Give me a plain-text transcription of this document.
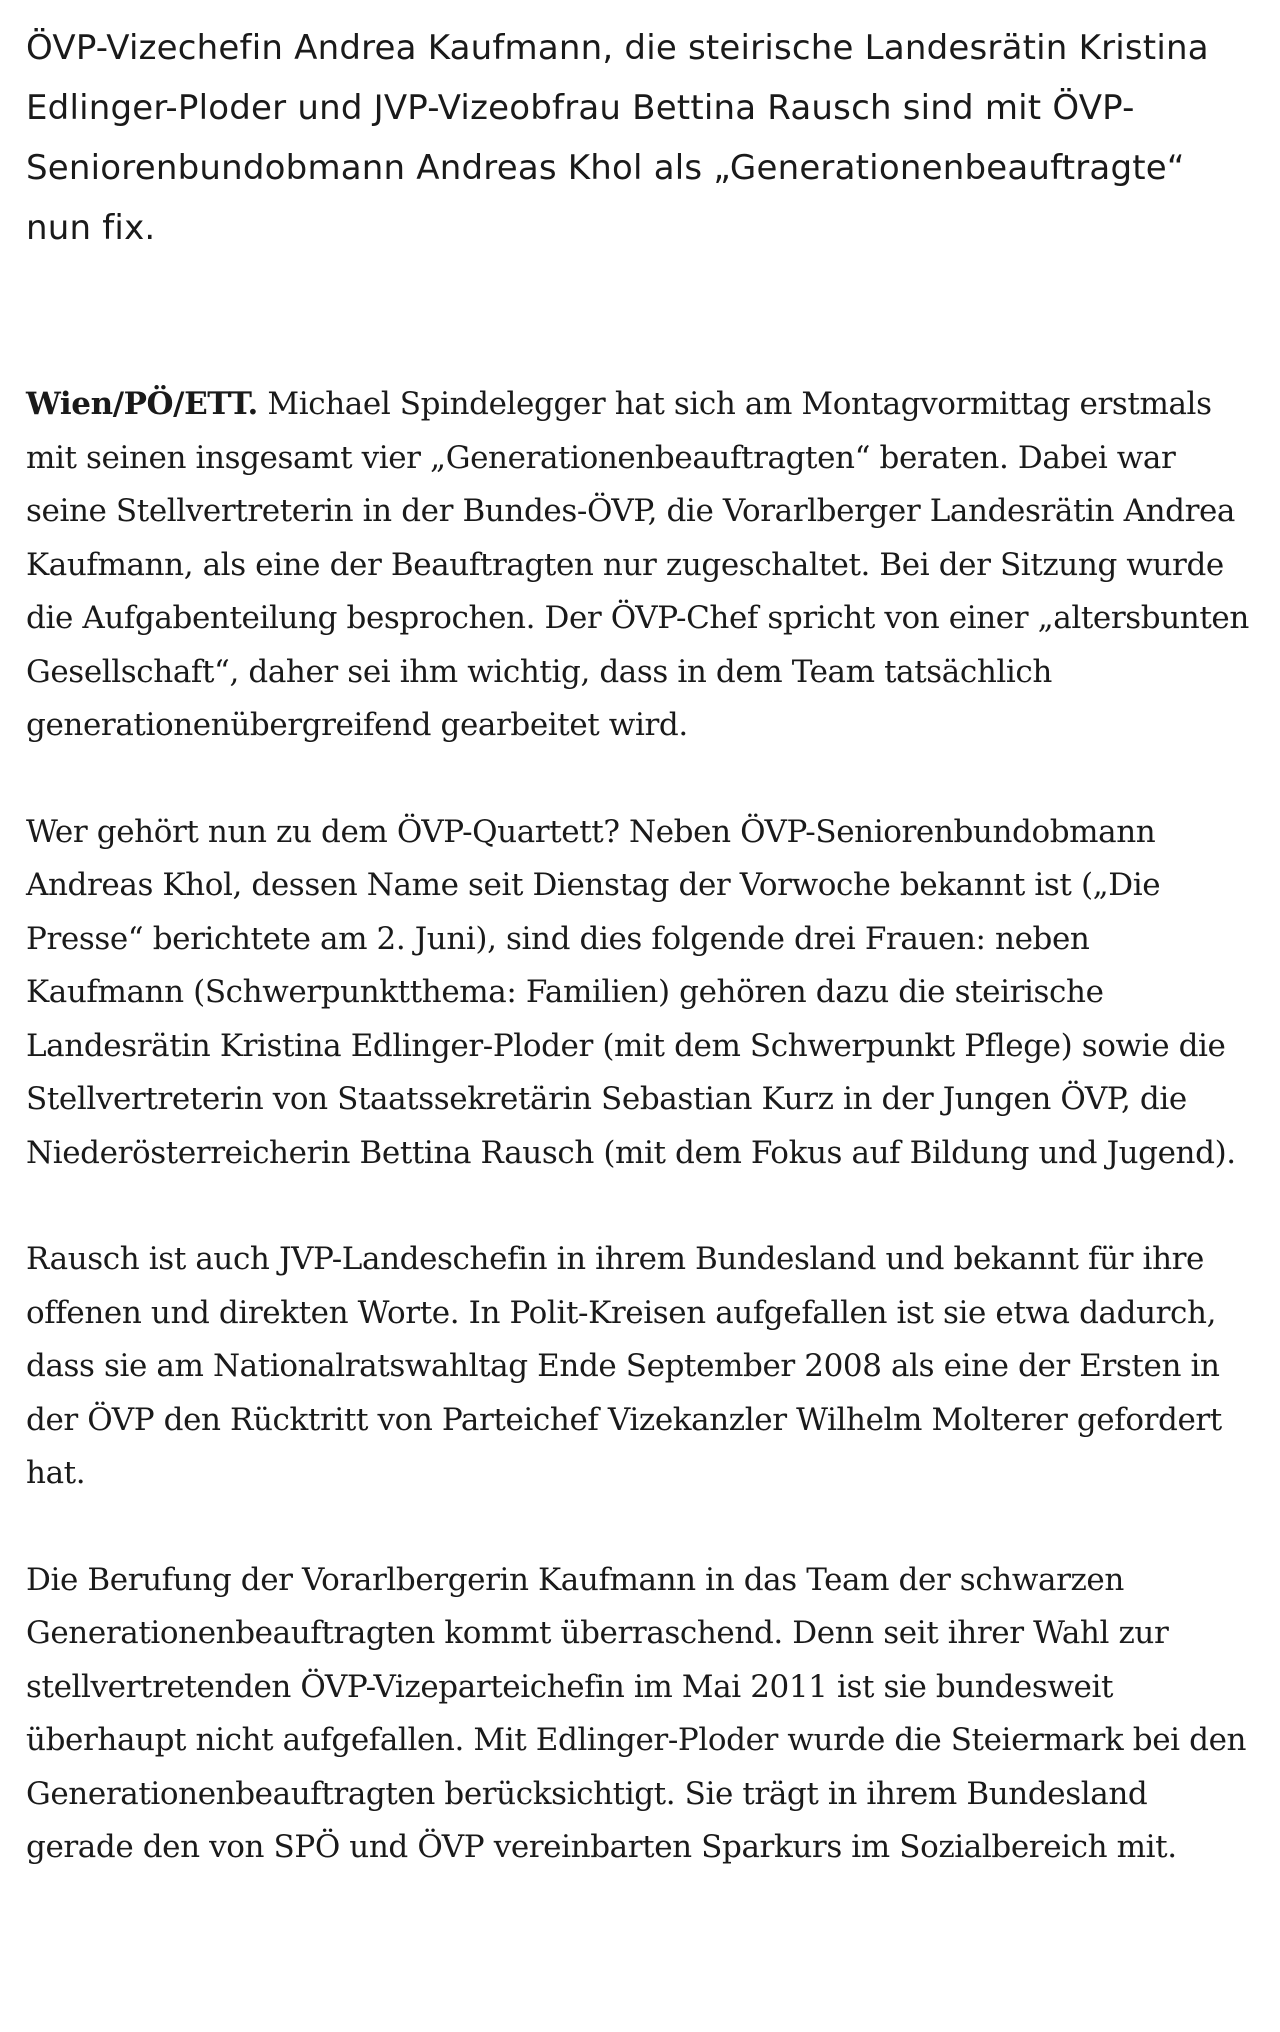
ÖVP-Vizechefin Andrea Kaufmann, die steirische Landesrätin Kristina Edlinger-Ploder und JVP-Vizeobfrau Bettina Rausch sind mit ÖVP-Seniorenbundobmann Andreas Khol als „Generationenbeauftragte“ nun fix.

Wien/PÖ/ETT. Michael Spindelegger hat sich am Montagvormittag erstmals mit seinen insgesamt vier „Generationenbeauftragten“ beraten. Dabei war seine Stellvertreterin in der Bundes-ÖVP, die Vorarlberger Landesrätin Andrea Kaufmann, als eine der Beauftragten nur zugeschaltet. Bei der Sitzung wurde die Aufgabenteilung besprochen. Der ÖVP-Chef spricht von einer „altersbunten Gesellschaft“, daher sei ihm wichtig, dass in dem Team tatsächlich generationenübergreifend gearbeitet wird.

Wer gehört nun zu dem ÖVP-Quartett? Neben ÖVP-Seniorenbundobmann Andreas Khol, dessen Name seit Dienstag der Vorwoche bekannt ist („Die Presse“ berichtete am 2. Juni), sind dies folgende drei Frauen: neben Kaufmann (Schwerpunktthema: Familien) gehören dazu die steirische Landesrätin Kristina Edlinger-Ploder (mit dem Schwerpunkt Pflege) sowie die Stellvertreterin von Staatssekretärin Sebastian Kurz in der Jungen ÖVP, die Niederösterreicherin Bettina Rausch (mit dem Fokus auf Bildung und Jugend).

Rausch ist auch JVP-Landeschefin in ihrem Bundesland und bekannt für ihre offenen und direkten Worte. In Polit-Kreisen aufgefallen ist sie etwa dadurch, dass sie am Nationalratswahltag Ende September 2008 als eine der Ersten in der ÖVP den Rücktritt von Parteichef Vizekanzler Wilhelm Molterer gefordert hat.

Die Berufung der Vorarlbergerin Kaufmann in das Team der schwarzen Generationenbeauftragten kommt überraschend. Denn seit ihrer Wahl zur stellvertretenden ÖVP-Vizeparteichefin im Mai 2011 ist sie bundesweit überhaupt nicht aufgefallen. Mit Edlinger-Ploder wurde die Steiermark bei den Generationenbeauftragten berücksichtigt. Sie trägt in ihrem Bundesland gerade den von SPÖ und ÖVP vereinbarten Sparkurs im Sozialbereich mit.
